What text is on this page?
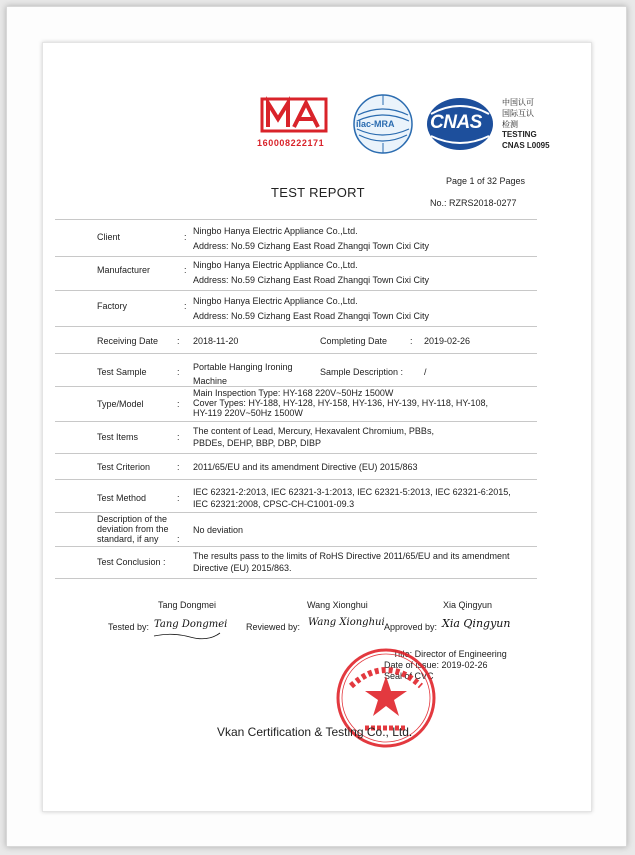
160008222171
ilac-MRA CNAS
中国认可
国际互认
检测
TESTING
CNAS L0095
Page 1 of 32 Pages
TEST REPORT
No.: RZRS2018-0277
Client	:
Ningbo Hanya Electric Appliance Co.,Ltd.
Address: No.59 Cizhang East Road Zhangqi Town Cixi City
Manufacturer	: Ningbo Hanya Electric Appliance Co.,Ltd.
Address: No.59 Cizhang East Road Zhangqi Town Cixi City
Factory	: Ningbo Hanya Electric Appliance Co.,Ltd.
Address: No.59 Cizhang East Road Zhangqi Town Cixi City
Receiving Date : 2018-11-20	Completing Date	: 2019-02-26
Test Sample	: Portable Hanging Ironing
Machine
Sample Description : /
Type/Model	:
Main Inspection Type: HY-168 220V~50Hz 1500W
Cover Types: HY-188, HY-128, HY-158, HY-136, HY-139, HY-118, HY-108,
HY-119 220V~50Hz 1500W
Test Items	:
The content of Lead, Mercury, Hexavalent Chromium, PBBs,
PBDEs, DEHP, BBP, DBP, DIBP
Test Criterion	: 2011/65/EU and its amendment Directive (EU) 2015/863
Test Method	:
IEC 62321-2:2013, IEC 62321-3-1:2013, IEC 62321-5:2013, IEC 62321-6:2015,
IEC 62321:2008, CPSC-CH-C1001-09.3
Description of the
deviation from the
standard, if any :
No deviation
Test Conclusion :
The results pass to the limits of RoHS Directive 2011/65/EU and its amendment
Directive (EU) 2015/863.
Tang Dongmei	Wang Xionghui	Xia Qingyun
Tested by: Tang Dongmei Reviewed by: Wang Xionghui Approved by: Xia Qingyun
Title: Director of Engineering
Date of issue: 2019-02-26
Seal of CVC
Vkan Certification & Testing Co., Ltd.
